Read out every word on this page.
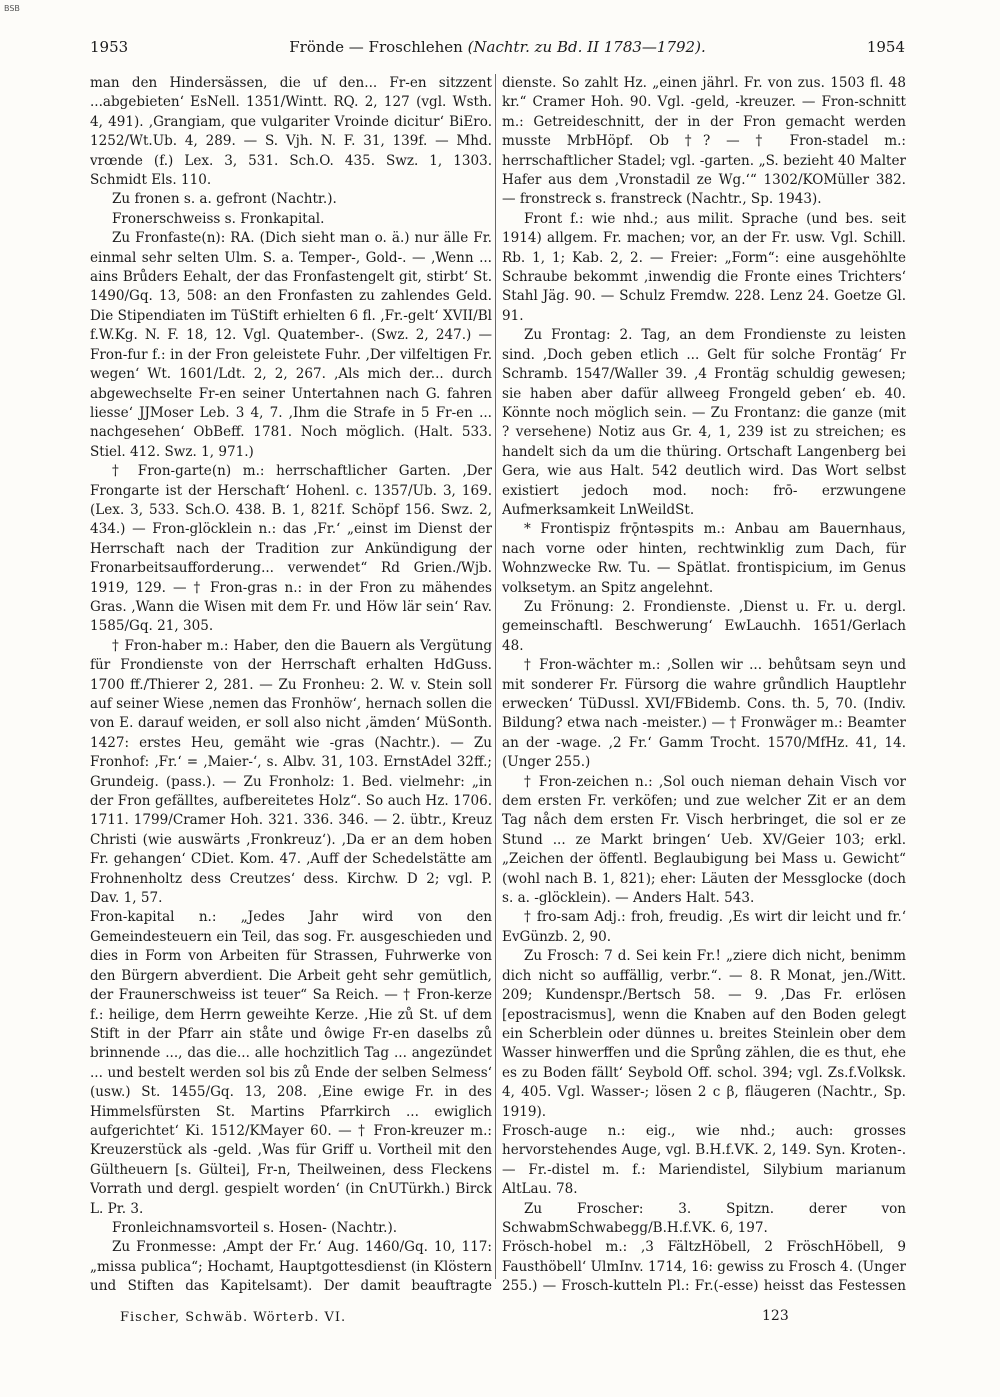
BSB
1953	Frönde — Froschlehen (Nachtr. zu Bd. II 1783—1792).	1954

man den Hindersässen, die uf den... Fr-en sitzzent ...abgebieten‘ EsNell. 1351/Wintt. RQ. 2, 127 (vgl. Wsth. 4, 491). ‚Grangiam, que vulgariter Vroinde dicitur‘ BiEro. 1252/Wt.Ub. 4, 289. — S. Vjh. N. F. 31, 139f. — Mhd. vrœnde (f.) Lex. 3, 531. Sch.O. 435. Swz. 1, 1303. Schmidt Els. 110.

Zu fronen s. a. gefront (Nachtr.).

Fronerschweiss s. Fronkapital.

Zu Fronfaste(n): RA. (Dich sieht man o. ä.) nur älle Fr. einmal sehr selten Ulm. S. a. Temper-, Gold-. — ‚Wenn ... ains Brůders Eehalt, der das Fronfastengelt git, stirbt‘ St. 1490/Gq. 13, 508: an den Fronfasten zu zahlendes Geld. Die Stipendiaten im TüStift erhielten 6 fl. ‚Fr.-gelt‘ XVII/Bl f.W.Kg. N. F. 18, 12. Vgl. Quatember-. (Swz. 2, 247.) — Fron-fur f.: in der Fron geleistete Fuhr. ‚Der vilfeltigen Fr. wegen‘ Wt. 1601/Ldt. 2, 2, 267. ‚Als mich der... durch abgewechselte Fr-en seiner Untertahnen nach G. fahren liesse‘ JJMoser Leb. 3 4, 7. ‚Ihm die Strafe in 5 Fr-en ... nachgesehen‘ ObBeff. 1781. Noch möglich. (Halt. 533. Stiel. 412. Swz. 1, 971.)

† Fron-garte(n) m.: herrschaftlicher Garten. ‚Der Frongarte ist der Herschaft‘ Hohenl. c. 1357/Ub. 3, 169. (Lex. 3, 533. Sch.O. 438. B. 1, 821f. Schöpf 156. Swz. 2, 434.) — Fron-glöcklein n.: das ‚Fr.‘ „einst im Dienst der Herrschaft nach der Tradition zur Ankündigung der Fronarbeitsaufforderung... verwendet“ Rd Grien./Wjb. 1919, 129. — † Fron-gras n.: in der Fron zu mähendes Gras. ‚Wann die Wisen mit dem Fr. und Höw lär sein‘ Rav. 1585/Gq. 21, 305.

† Fron-haber m.: Haber, den die Bauern als Vergütung für Frondienste von der Herrschaft erhalten HdGuss. 1700 ff./Thierer 2, 281. — Zu Fronheu: 2. W. v. Stein soll auf seiner Wiese ‚nemen das Fronhöw‘, hernach sollen die von E. darauf weiden, er soll also nicht ‚ämden‘ MüSonth. 1427: erstes Heu, gemäht wie -gras (Nachtr.). — Zu Fronhof: ‚Fr.‘ = ‚Maier-‘, s. Albv. 31, 103. ErnstAdel 32ff.; Grundeig. (pass.). — Zu Fronholz: 1. Bed. vielmehr: „in der Fron gefälltes, aufbereitetes Holz“. So auch Hz. 1706. 1711. 1799/Cramer Hoh. 321. 336. 346. — 2. übtr., Kreuz Christi (wie auswärts ‚Fronkreuz‘). ‚Da er an dem hoben Fr. gehangen‘ CDiet. Kom. 47. ‚Auff der Schedelstätte am Frohnenholtz dess Creutzes‘ dess. Kirchw. D 2; vgl. P. Dav. 1, 57.

Fron-kapital n.: „Jedes Jahr wird von den Gemeindesteuern ein Teil, das sog. Fr. ausgeschieden und dies in Form von Arbeiten für Strassen, Fuhrwerke von den Bürgern abverdient. Die Arbeit geht sehr gemütlich, der Fraunerschweiss ist teuer“ Sa Reich. — † Fron-kerze f.: heilige, dem Herrn geweihte Kerze. ‚Hie zů St. uf dem Stift in der Pfarr ain ståte und ôwige Fr-en daselbs zů brinnende ..., das die... alle hochzitlich Tag ... angezündet ... und bestelt werden sol bis zů Ende der selben Selmess‘ (usw.) St. 1455/Gq. 13, 208. ‚Eine ewige Fr. in des Himmelsfürsten St. Martins Pfarrkirch ... ewiglich aufgerichtet‘ Ki. 1512/KMayer 60. — † Fron-kreuzer m.: Kreuzerstück als -geld. ‚Was für Griff u. Vortheil mit den Gültheuern [s. Gültei], Fr-n, Theilweinen, dess Fleckens Vorrath und dergl. gespielt worden‘ (in CnUTürkh.) Birck L. Pr. 3.

Fronleichnamsvorteil s. Hosen- (Nachtr.).

Zu Fronmesse: ‚Ampt der Fr.‘ Aug. 1460/Gq. 10, 117: „missa publica“; Hochamt, Hauptgottesdienst (in Klöstern und Stiften das Kapitelsamt). Der damit beauftragte

dienste. So zahlt Hz. „einen jährl. Fr. von zus. 1503 fl. 48 kr.“ Cramer Hoh. 90. Vgl. -geld, -kreuzer. — Fron-schnitt m.: Getreideschnitt, der in der Fron gemacht werden musste MrbHöpf. Ob †? — † Fron-stadel m.: herrschaftlicher Stadel; vgl. -garten. „S. bezieht 40 Malter Hafer aus dem ‚Vronstadil ze Wg.‘“ 1302/KOMüller 382. — fronstreck s. franstreck (Nachtr., Sp. 1943).

Front f.: wie nhd.; aus milit. Sprache (und bes. seit 1914) allgem. Fr. machen; vor, an der Fr. usw. Vgl. Schill. Rb. 1, 1; Kab. 2, 2. — Freier: „Form“: eine ausgehöhlte Schraube bekommt ‚inwendig die Fronte eines Trichters‘ Stahl Jäg. 90. — Schulz Fremdw. 228. Lenz 24. Goetze Gl. 91.

Zu Frontag: 2. Tag, an dem Frondienste zu leisten sind. ‚Doch geben etlich ... Gelt für solche Frontäg‘ Fr Schramb. 1547/Waller 39. ‚4 Frontäg schuldig gewesen; sie haben aber dafür allweeg Frongeld geben‘ eb. 40. Könnte noch möglich sein. — Zu Frontanz: die ganze (mit ? versehene) Notiz aus Gr. 4, 1, 239 ist zu streichen; es handelt sich da um die thüring. Ortschaft Langenberg bei Gera, wie aus Halt. 542 deutlich wird. Das Wort selbst existiert jedoch mod. noch: frō- erzwungene Aufmerksamkeit LnWeildSt.

* Frontispiz frǭntəspits m.: Anbau am Bauernhaus, nach vorne oder hinten, rechtwinklig zum Dach, für Wohnzwecke Rw. Tu. — Spätlat. frontispicium, im Genus volksetym. an Spitz angelehnt.

Zu Frönung: 2. Frondienste. ‚Dienst u. Fr. u. dergl. gemeinschaftl. Beschwerung‘ EwLauchh. 1651/Gerlach 48.

† Fron-wächter m.: ‚Sollen wir ... behůtsam seyn und mit sonderer Fr. Fürsorg die wahre grůndlich Hauptlehr erwecken‘ TüDussl. XVI/FBidemb. Cons. th. 5, 70. (Indiv. Bildung? etwa nach -meister.) — † Fronwäger m.: Beamter an der -wage. ‚2 Fr.‘ Gamm Trocht. 1570/MfHz. 41, 14. (Unger 255.)

† Fron-zeichen n.: ‚Sol ouch nieman dehain Visch vor dem ersten Fr. verköfen; und zue welcher Zit er an dem Tag nåch dem ersten Fr. Visch herbringet, die sol er ze Stund ... ze Markt bringen‘ Ueb. XV/Geier 103; erkl. „Zeichen der öffentl. Beglaubigung bei Mass u. Gewicht“ (wohl nach B. 1, 821); eher: Läuten der Messglocke (doch s. a. -glöcklein). — Anders Halt. 543.

† fro-sam Adj.: froh, freudig. ‚Es wirt dir leicht und fr.‘ EvGünzb. 2, 90.

Zu Frosch: 7 d. Sei kein Fr.! „ziere dich nicht, benimm dich nicht so auffällig, verbr.“. — 8. R Monat, jen./Witt. 209; Kundenspr./Bertsch 58. — 9. ‚Das Fr. erlösen [epostracismus], wenn die Knaben auf den Boden gelegt ein Scherblein oder dünnes u. breites Steinlein ober dem Wasser hinwerffen und die Sprůng zählen, die es thut, ehe es zu Boden fällt‘ Seybold Off. schol. 394; vgl. Zs.f.Volksk. 4, 405. Vgl. Wasser-; lösen 2 c β, fläugeren (Nachtr., Sp. 1919).

Frosch-auge n.: eig., wie nhd.; auch: grosses hervorstehendes Auge, vgl. B.H.f.VK. 2, 149. Syn. Kroten-. — Fr.-distel m. f.: Mariendistel, Silybium marianum AltLau. 78.

Zu Froscher: 3. Spitzn. derer von SchwabmSchwabegg/B.H.f.VK. 6, 197.

Frösch-hobel m.: ‚3 FältzHöbell, 2 FröschHöbell, 9 Fausthöbell‘ UlmInv. 1714, 16: gewiss zu Frosch 4. (Unger 255.) — Frosch-kutteln Pl.: Fr.(-esse) heisst das Festessen

Fischer, Schwäb. Wörterb. VI.	123
